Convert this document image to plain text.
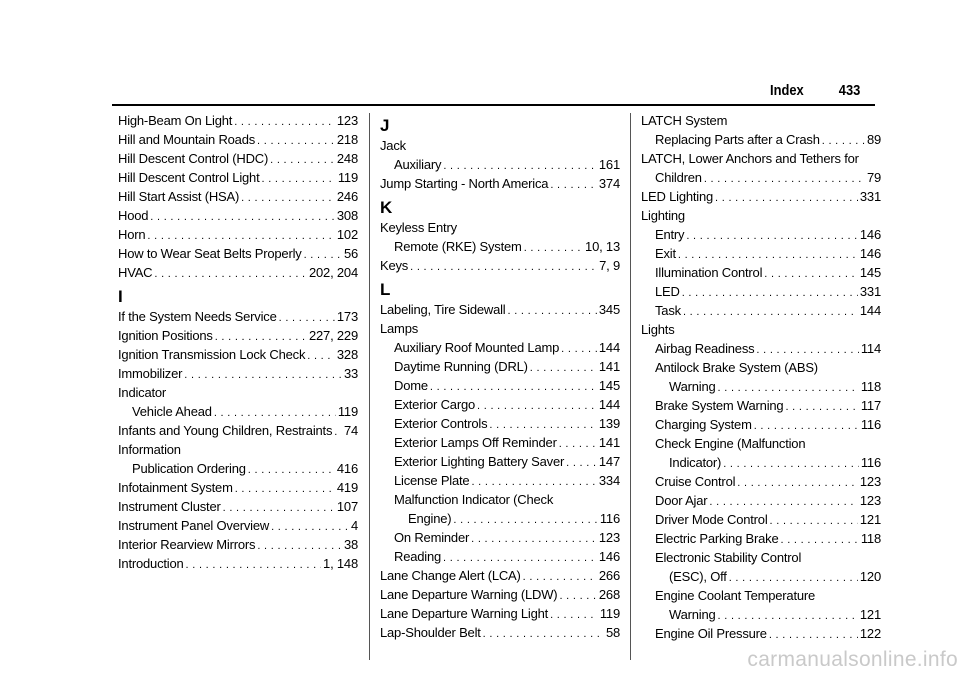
Index 433
High-Beam On Light . . .	123
Hill and Mountain Roads . . .	218
Hill Descent Control (HDC) . . .	248
Hill Descent Control Light . . .	119
Hill Start Assist (HSA) . . .	246
Hood . . .	308
Horn . . .	102
How to Wear Seat Belts Properly . . .	56
HVAC . . .	202, 204
I
If the System Needs Service . . .	173
Ignition Positions . . .	227, 229
Ignition Transmission Lock Check . . . 328
Immobilizer . . .	33
Indicator
Vehicle Ahead . . .	119
Infants and Young Children, Restraints . . . 74
Information
Publication Ordering . . .	416
Infotainment System . . .	419
Instrument Cluster . . .	107
Instrument Panel Overview . . .	4
Interior Rearview Mirrors . . .	38
Introduction . . .	1, 148
J
Jack
Auxiliary . . .	161
Jump Starting - North America . . .	374
K
Keyless Entry
Remote (RKE) System . . .	10, 13
Keys . . .	7, 9
L
Labeling, Tire Sidewall . . .	345
Lamps
Auxiliary Roof Mounted Lamp . . .	144
Daytime Running (DRL) . . .	141
Dome . . .	145
Exterior Cargo . . .	144
Exterior Controls . . .	139
Exterior Lamps Off Reminder . . .	141
Exterior Lighting Battery Saver . . .	147
License Plate . . .	334
Malfunction Indicator (Check
Engine) . . .	116
On Reminder . . .	123
Reading . . .	146
Lane Change Alert (LCA) . . .	266
Lane Departure Warning (LDW) . . .	268
Lane Departure Warning Light . . .	119
Lap-Shoulder Belt . . .	58
LATCH System
Replacing Parts after a Crash . . .	89
LATCH, Lower Anchors and Tethers for
Children . . .	79
LED Lighting . . .	331
Lighting
Entry . . .	146
Exit . . .	146
Illumination Control . . .	145
LED . . .	331
Task . . .	144
Lights
Airbag Readiness . . .	114
Antilock Brake System (ABS)
Warning . . .	118
Brake System Warning . . .	117
Charging System . . .	116
Check Engine (Malfunction
Indicator) . . .	116
Cruise Control . . .	123
Door Ajar . . .	123
Driver Mode Control . . .	121
Electric Parking Brake . . .	118
Electronic Stability Control
(ESC), Off . . .	120
Engine Coolant Temperature
Warning . . .	121
Engine Oil Pressure . . .	122
carmanualsonline.info
